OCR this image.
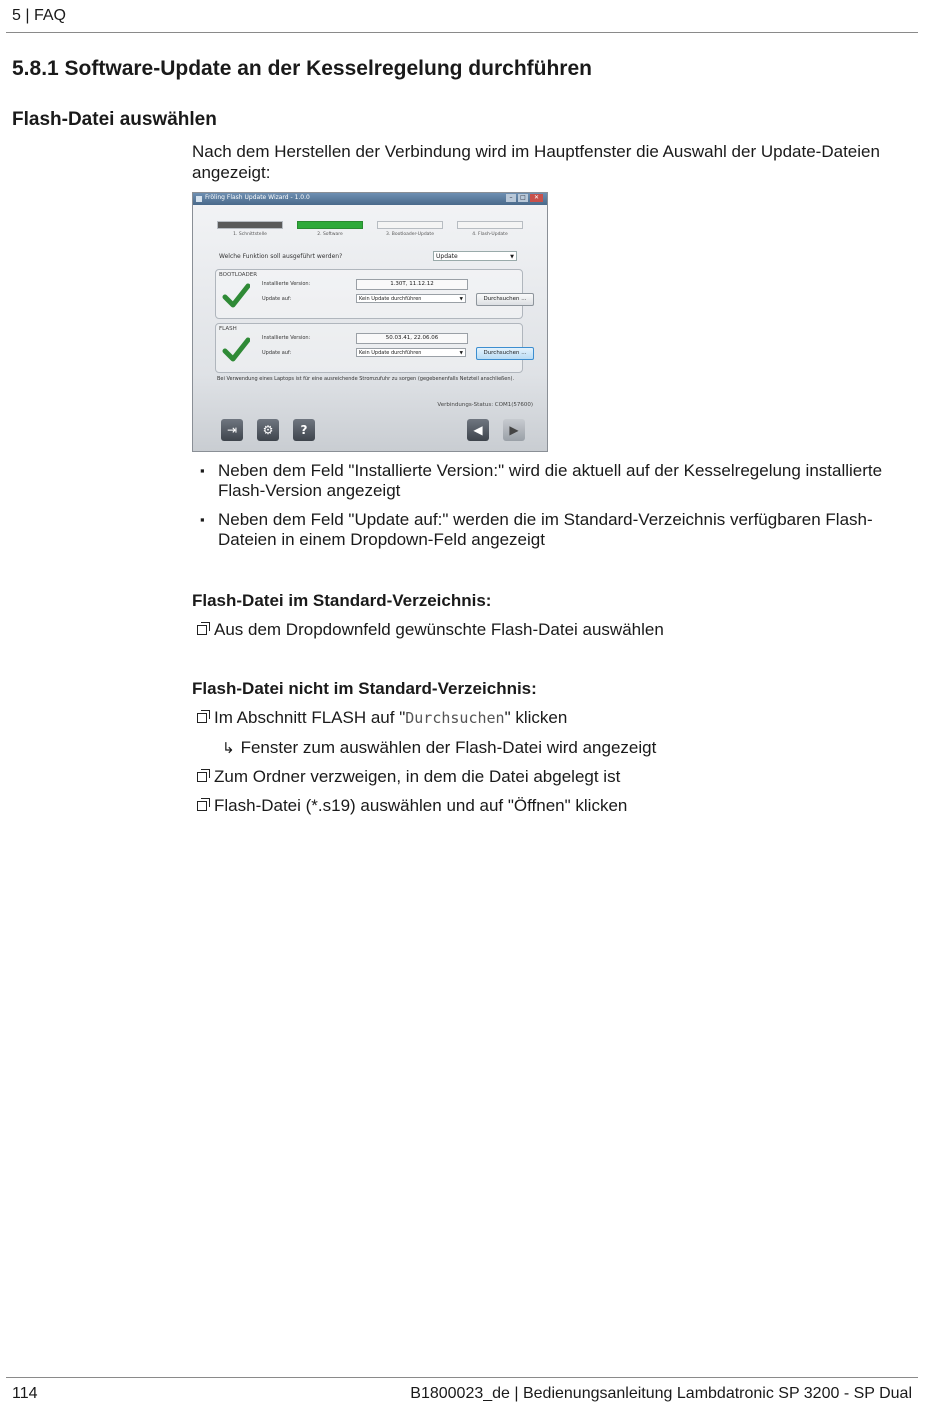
5 | FAQ
5.8.1 Software-Update an der Kesselregelung durchführen
Flash-Datei auswählen

Nach dem Herstellen der Verbindung wird im Hauptfenster die Auswahl der Update-Dateien angezeigt:

Fröling Flash Update Wizard - 1.0.0	–	□	✕
1. Schnittstelle	2. Software	3. Bootloader-Update	4. Flash-Update
Welche Funktion soll ausgeführt werden?	Update	▼
BOOTLOADER
Installierte Version:	1.30T, 11.12.12
Update auf:	Kein Update durchführen	▼	Durchsuchen ...
FLASH
Installierte Version:	50.03.41, 22.06.06
Update auf:	Kein Update durchführen	▼	Durchsuchen ...
Bei Verwendung eines Laptops ist für eine ausreichende Stromzufuhr zu sorgen (gegebenenfalls Netzteil anschließen).
Verbindungs-Status: COM1(57600)
⇥	⚙	?	◀	▶
▪ Neben dem Feld "Installierte Version:" wird die aktuell auf der Kesselregelung installierte Flash-Version angezeigt
▪ Neben dem Feld "Update auf:" werden die im Standard-Verzeichnis verfügbaren Flash-Dateien in einem Dropdown-Feld angezeigt
Flash-Datei im Standard-Verzeichnis:
Aus dem Dropdownfeld gewünschte Flash-Datei auswählen
Flash-Datei nicht im Standard-Verzeichnis:
Im Abschnitt FLASH auf "Durchsuchen" klicken
↳ Fenster zum auswählen der Flash-Datei wird angezeigt
Zum Ordner verzweigen, in dem die Datei abgelegt ist
Flash-Datei (*.s19) auswählen und auf "Öffnen" klicken
114	B1800023_de | Bedienungsanleitung Lambdatronic SP 3200 - SP Dual
